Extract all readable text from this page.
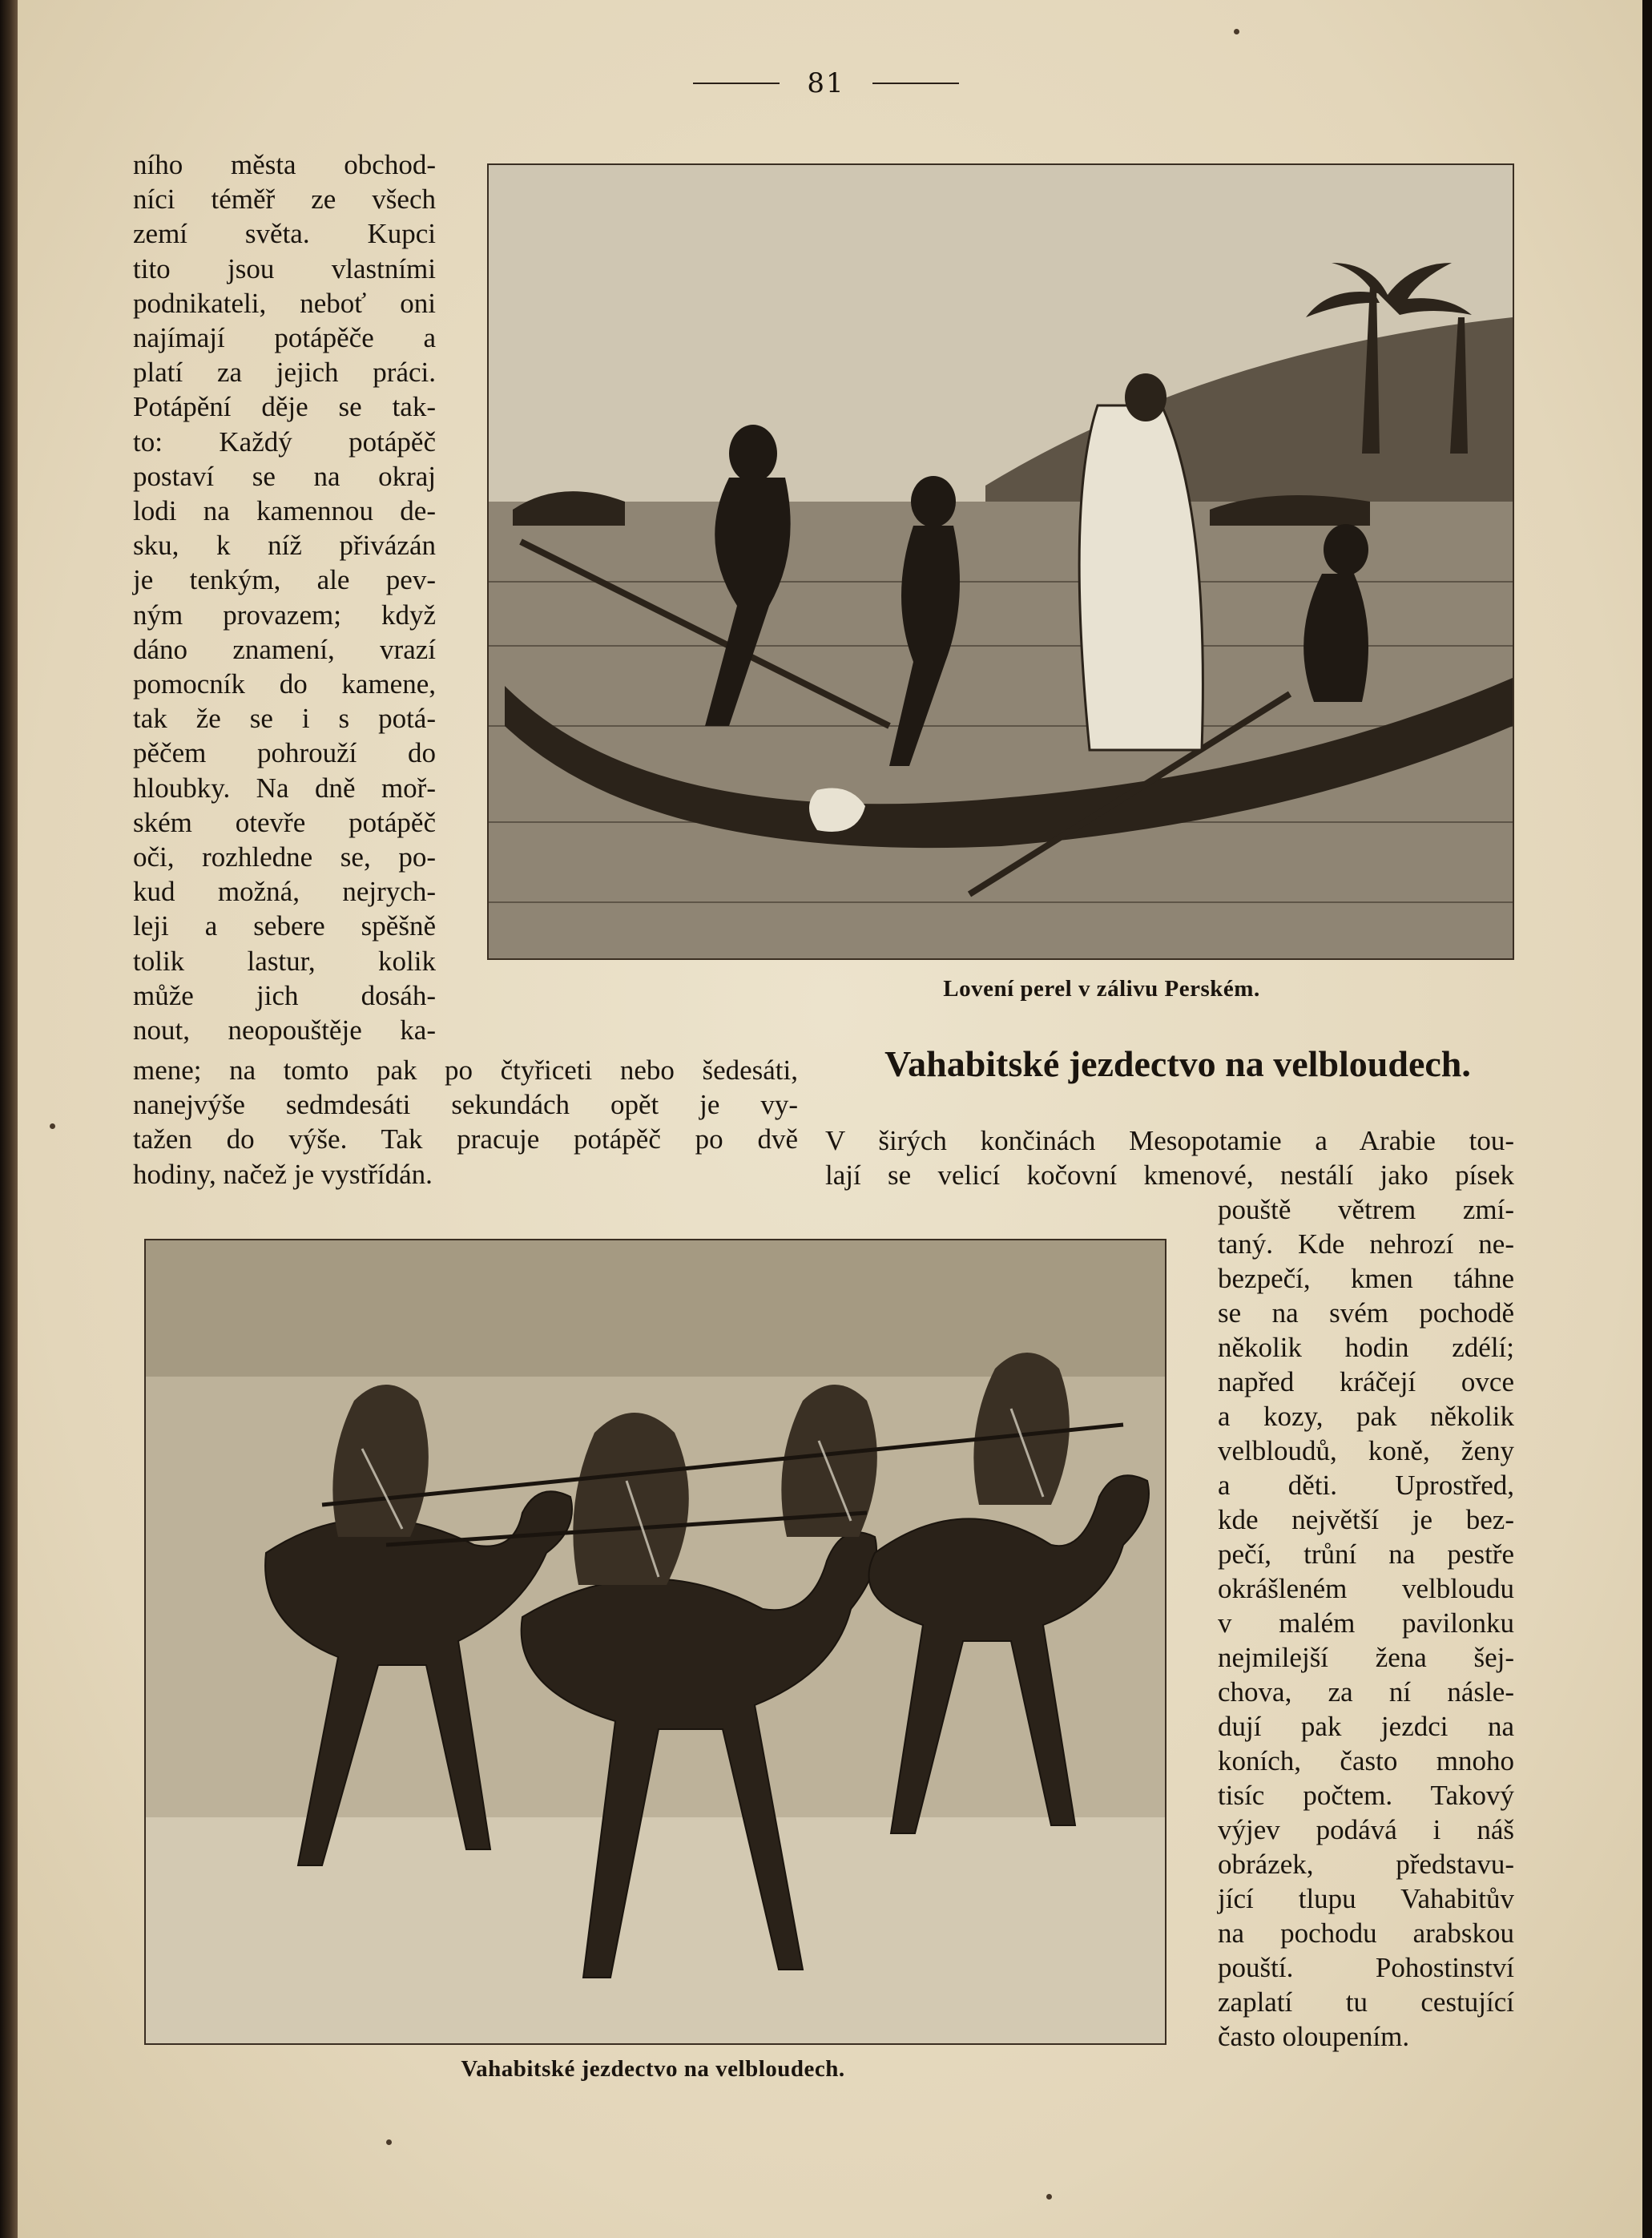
81
ního města obchod-
níci téměř ze všech
zemí světa. Kupci
tito jsou vlastními
podnikateli, neboť oni
najímají potápěče a
platí za jejich práci.
Potápění děje se tak-
to: Každý potápěč
postaví se na okraj
lodi na kamennou de-
sku, k níž přivázán
je tenkým, ale pev-
ným provazem; když
dáno znamení, vrazí
pomocník do kamene,
tak že se i s potá-
pěčem pohrouží do
hloubky. Na dně moř-
ském otevře potápěč
oči, rozhledne se, po-
kud možná, nejrych-
leji a sebere spěšně
tolik lastur, kolik
může jich dosáh-
nout, neopouštěje ka-
mene; na tomto pak po čtyřiceti nebo šedesáti,
nanejvýše sedmdesáti sekundách opět je vy-
tažen do výše. Tak pracuje potápěč po dvě
hodiny, načež je vystřídán.
Lovení perel v zálivu Perském.
Vahabitské jezdectvo na velbloudech.
V širých končinách Mesopotamie a Arabie tou-
lají se velicí kočovní kmenové, nestálí jako písek
pouště větrem zmí-
taný. Kde nehrozí ne-
bezpečí, kmen táhne
se na svém pochodě
několik hodin zdélí;
napřed kráčejí ovce
a kozy, pak několik
velbloudů, koně, ženy
a děti. Uprostřed,
kde největší je bez-
pečí, trůní na pestře
okrášleném velbloudu
v malém pavilonku
nejmilejší žena šej-
chova, za ní násle-
dují pak jezdci na
koních, často mnoho
tisíc počtem. Takový
výjev podává i náš
obrázek, představu-
jící tlupu Vahabitův
na pochodu arabskou
pouští. Pohostinství
zaplatí tu cestující
často oloupením.
Vahabitské jezdectvo na velbloudech.
